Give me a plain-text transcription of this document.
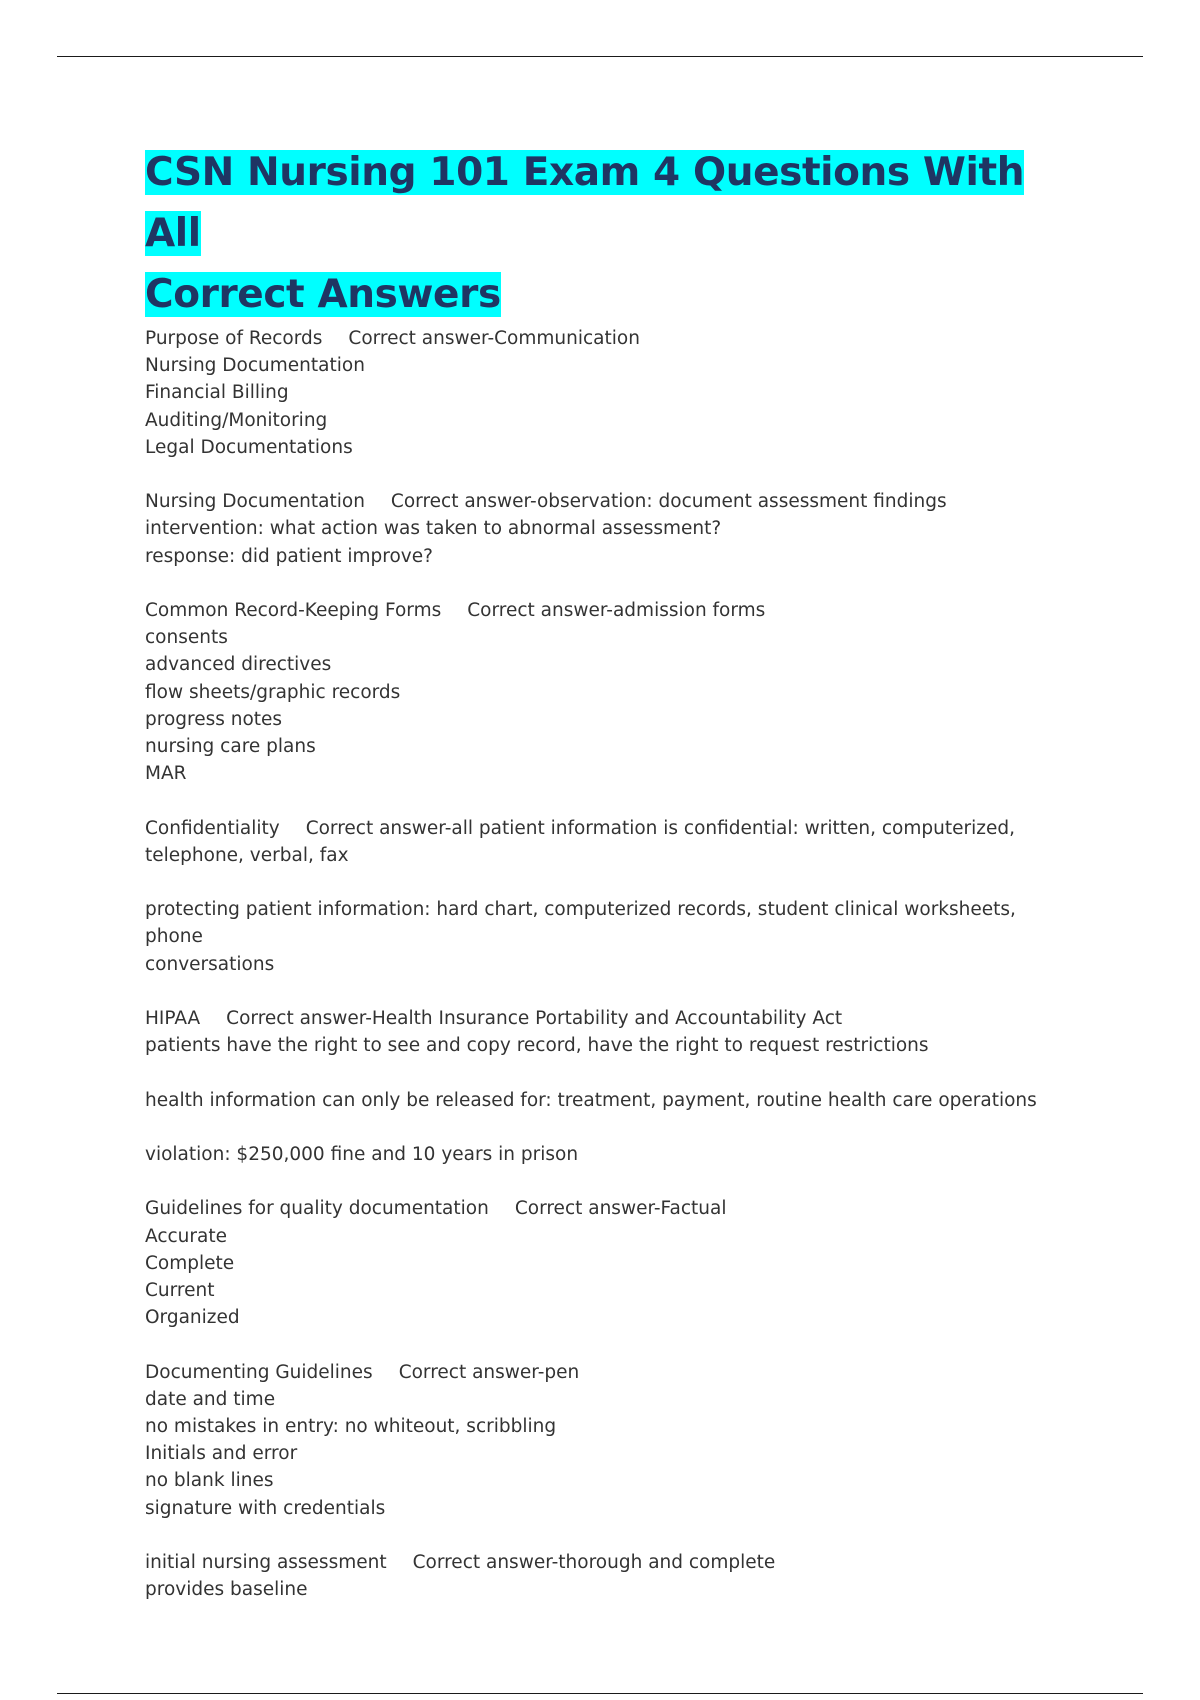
CSN Nursing 101 Exam 4 Questions With All
Correct Answers
Purpose of Records Correct answer-Communication
Nursing Documentation
Financial Billing
Auditing/Monitoring
Legal Documentations
Nursing Documentation Correct answer-observation: document assessment findings
intervention: what action was taken to abnormal assessment?
response: did patient improve?
Common Record-Keeping Forms Correct answer-admission forms
consents
advanced directives
flow sheets/graphic records
progress notes
nursing care plans
MAR
Confidentiality Correct answer-all patient information is confidential: written, computerized,
telephone, verbal, fax
protecting patient information: hard chart, computerized records, student clinical worksheets, phone
conversations
HIPAA Correct answer-Health Insurance Portability and Accountability Act
patients have the right to see and copy record, have the right to request restrictions
health information can only be released for: treatment, payment, routine health care operations
violation: $250,000 fine and 10 years in prison
Guidelines for quality documentation Correct answer-Factual
Accurate
Complete
Current
Organized
Documenting Guidelines Correct answer-pen
date and time
no mistakes in entry: no whiteout, scribbling
Initials and error
no blank lines
signature with credentials
initial nursing assessment Correct answer-thorough and complete
provides baseline
